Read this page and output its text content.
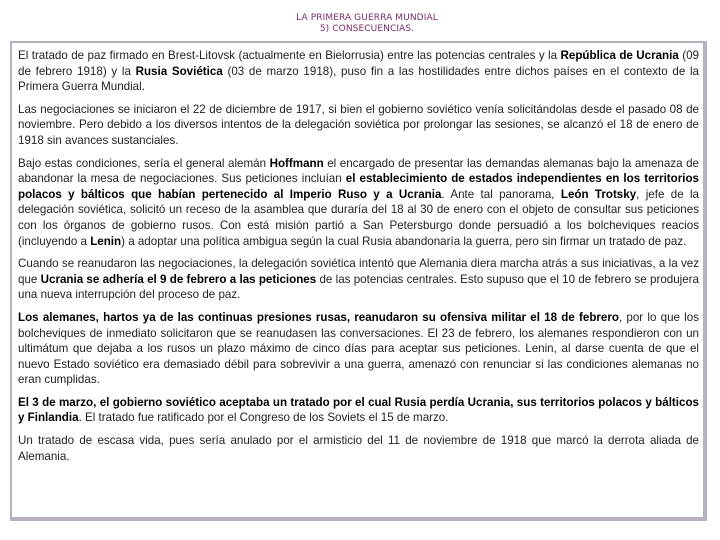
LA PRIMERA GUERRA MUNDIAL
5) CONSECUENCIAS.

El tratado de paz firmado en Brest-Litovsk (actualmente en Bielorrusia) entre las potencias centrales y la República de Ucrania (09 de febrero 1918) y la Rusia Soviética (03 de marzo 1918), puso fin a las hostilidades entre dichos países en el contexto de la Primera Guerra Mundial.

Las negociaciones se iniciaron el 22 de diciembre de 1917, si bien el gobierno soviético venía solicitándolas desde el pasado 08 de noviembre. Pero debido a los diversos intentos de la delegación soviética por prolongar las sesiones, se alcanzó el 18 de enero de 1918 sin avances sustanciales.

Bajo estas condiciones, sería el general alemán Hoffmann el encargado de presentar las demandas alemanas bajo la amenaza de abandonar la mesa de negociaciones. Sus peticiones incluían el establecimiento de estados independientes en los territorios polacos y bálticos que habían pertenecido al Imperio Ruso y a Ucrania. Ante tal panorama, León Trotsky, jefe de la delegación soviética, solicitó un receso de la asamblea que duraría del 18 al 30 de enero con el objeto de consultar sus peticiones con los órganos de gobierno rusos. Con está misión partió a San Petersburgo donde persuadió a los bolcheviques reacios (incluyendo a Lenin) a adoptar una política ambigua según la cual Rusia abandonaría la guerra, pero sin firmar un tratado de paz.

Cuando se reanudaron las negociaciones, la delegación soviética intentó que Alemania diera marcha atrás a sus iniciativas, a la vez que Ucrania se adhería el 9 de febrero a las peticiones de las potencias centrales. Esto supuso que el 10 de febrero se produjera una nueva interrupción del proceso de paz.

Los alemanes, hartos ya de las continuas presiones rusas, reanudaron su ofensiva militar el 18 de febrero, por lo que los bolcheviques de inmediato solicitaron que se reanudasen las conversaciones. El 23 de febrero, los alemanes respondieron con un ultimátum que dejaba a los rusos un plazo máximo de cinco días para aceptar sus peticiones. Lenin, al darse cuenta de que el nuevo Estado soviético era demasiado débil para sobrevivir a una guerra, amenazó con renunciar si las condiciones alemanas no eran cumplidas.

El 3 de marzo, el gobierno soviético aceptaba un tratado por el cual Rusia perdía Ucrania, sus territorios polacos y bálticos y Finlandia. El tratado fue ratificado por el Congreso de los Soviets el 15 de marzo.

Un tratado de escasa vida, pues sería anulado por el armisticio del 11 de noviembre de 1918 que marcó la derrota aliada de Alemania.
